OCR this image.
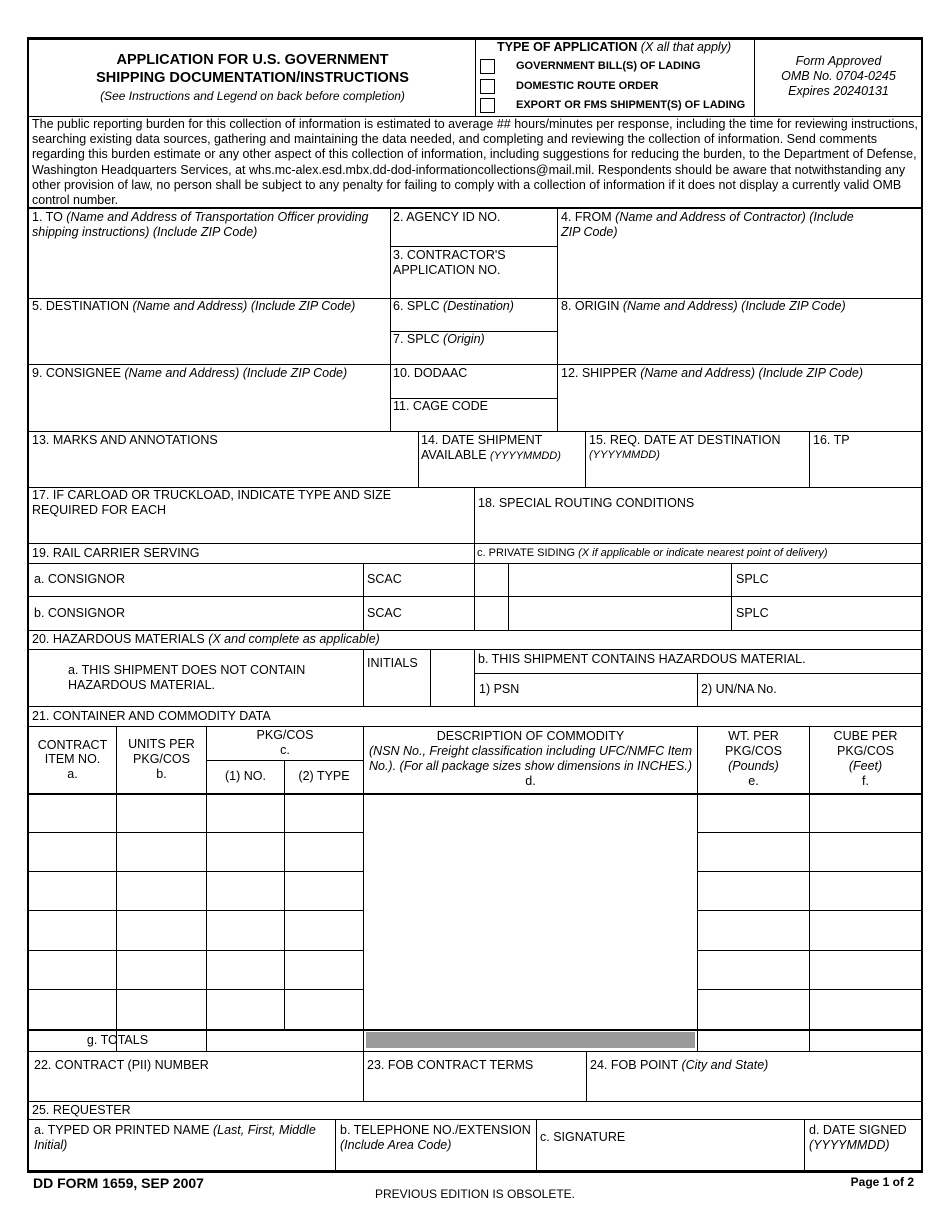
APPLICATION FOR U.S. GOVERNMENT
SHIPPING DOCUMENTATION/INSTRUCTIONS
(See Instructions and Legend on back before completion)
TYPE OF APPLICATION (X all that apply)
GOVERNMENT BILL(S) OF LADING
DOMESTIC ROUTE ORDER
EXPORT OR FMS SHIPMENT(S) OF LADING
Form Approved
OMB No. 0704-0245
Expires 20240131
The public reporting burden for this collection of information is estimated to average ## hours/minutes per response, including the time for reviewing instructions, searching existing data sources, gathering and maintaining the data needed, and completing and reviewing the collection of information. Send comments regarding this burden estimate or any other aspect of this collection of information, including suggestions for reducing the burden, to the Department of Defense, Washington Headquarters Services, at whs.mc-alex.esd.mbx.dd-dod-informationcollections@mail.mil. Respondents should be aware that notwithstanding any other provision of law, no person shall be subject to any penalty for failing to comply with a collection of information if it does not display a currently valid OMB control number.
1. TO (Name and Address of Transportation Officer providing shipping instructions) (Include ZIP Code)
2. AGENCY ID NO.
3. CONTRACTOR'S APPLICATION NO.
4. FROM (Name and Address of Contractor) (Include ZIP Code)
5. DESTINATION (Name and Address) (Include ZIP Code)	6. SPLC (Destination)
7. SPLC (Origin)
8. ORIGIN (Name and Address) (Include ZIP Code)
9. CONSIGNEE (Name and Address) (Include ZIP Code)	10. DODAAC
11. CAGE CODE
12. SHIPPER (Name and Address) (Include ZIP Code)
13. MARKS AND ANNOTATIONS	14. DATE SHIPMENT
AVAILABLE (YYYYMMDD)
15. REQ. DATE AT DESTINATION
(YYYYMMDD)
16. TP
17. IF CARLOAD OR TRUCKLOAD, INDICATE TYPE AND SIZE
REQUIRED FOR EACH	18. SPECIAL ROUTING CONDITIONS
19. RAIL CARRIER SERVING	c. PRIVATE SIDING (X if applicable or indicate nearest point of delivery)
a. CONSIGNOR	SCAC	SPLC
b. CONSIGNOR	SCAC	SPLC
20. HAZARDOUS MATERIALS (X and complete as applicable)
a. THIS SHIPMENT DOES NOT CONTAIN
HAZARDOUS MATERIAL.
INITIALS	b. THIS SHIPMENT CONTAINS HAZARDOUS MATERIAL.
1) PSN	2) UN/NA No.
21. CONTAINER AND COMMODITY DATA
CONTRACT
ITEM NO.
a.
UNITS PER
PKG/COS
b.
PKG/COS
c.
(1) NO.	(2) TYPE
DESCRIPTION OF COMMODITY
(NSN No., Freight classification including UFC/NMFC Item
No.). (For all package sizes show dimensions in INCHES.)
d.
WT. PER
PKG/COS
(Pounds)
e.
CUBE PER
PKG/COS
(Feet)
f.
g. TOTALS
22. CONTRACT (PII) NUMBER	23. FOB CONTRACT TERMS	24. FOB POINT (City and State)
25. REQUESTER
a. TYPED OR PRINTED NAME (Last, First, Middle
Initial)
b. TELEPHONE NO./EXTENSION
(Include Area Code)
c. SIGNATURE	d. DATE SIGNED
(YYYYMMDD)
DD FORM 1659, SEP 2007
PREVIOUS EDITION IS OBSOLETE.
Page 1 of 2
